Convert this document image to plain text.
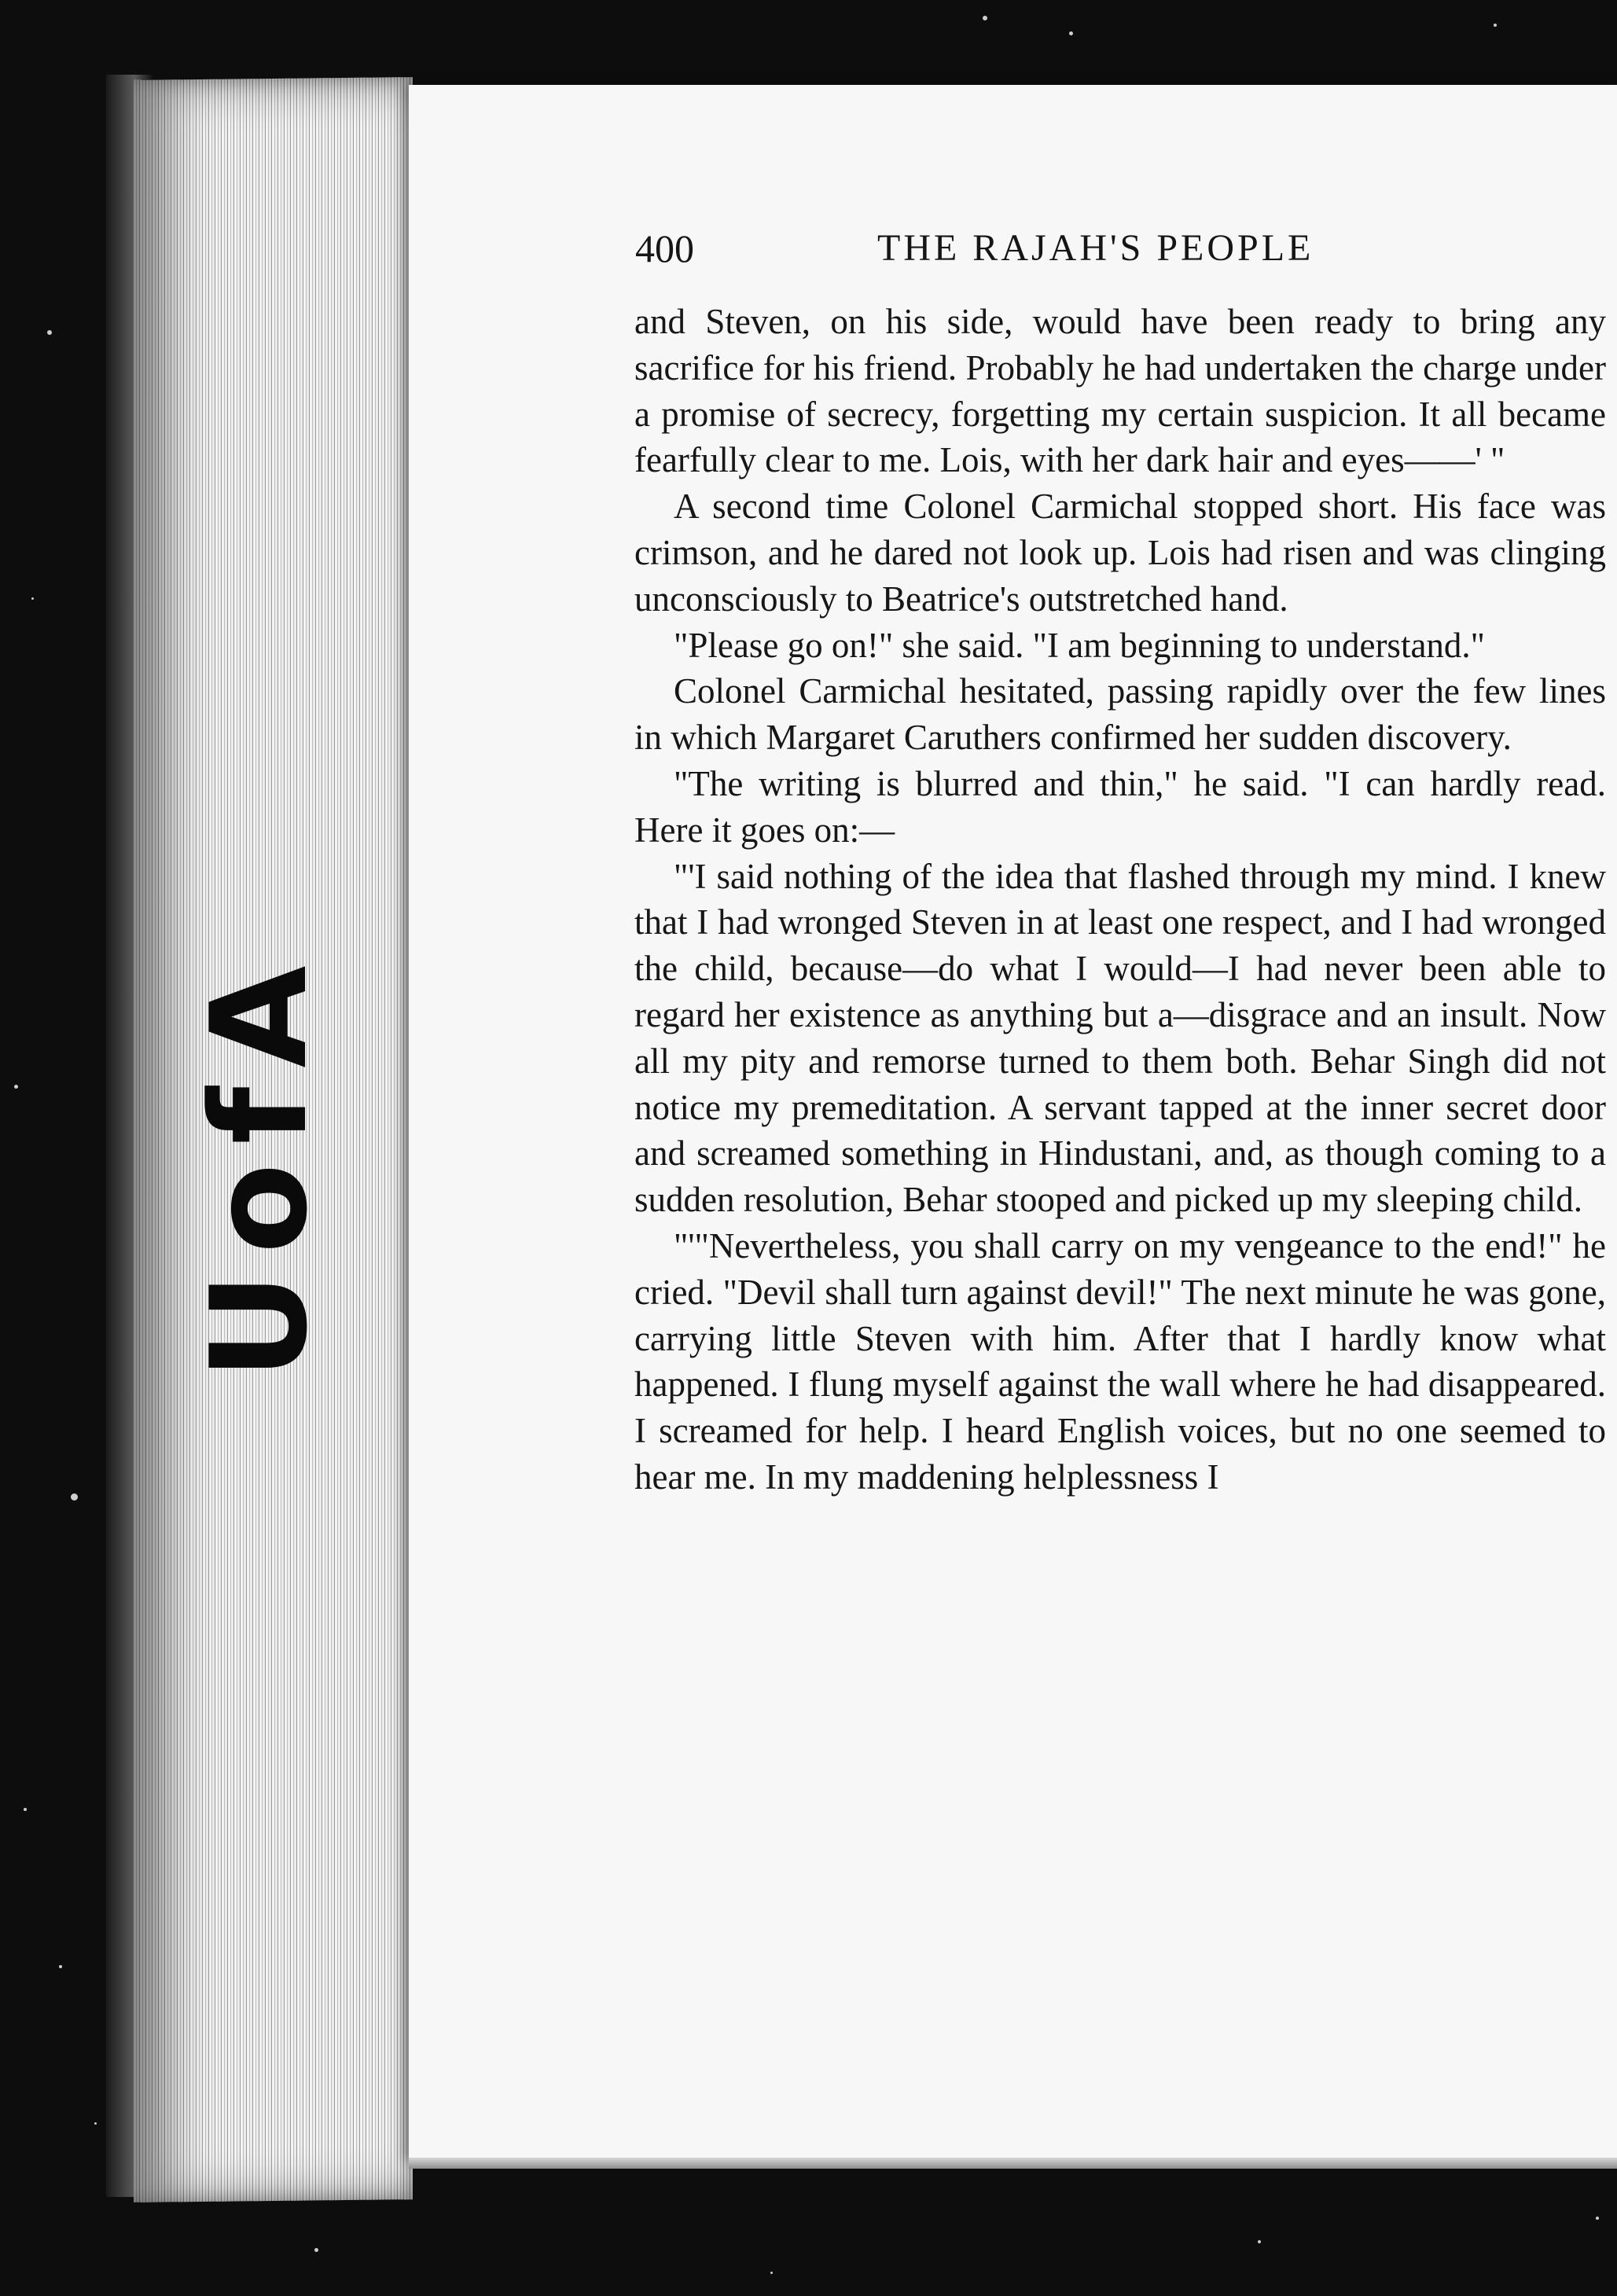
UofA
400	THE RAJAH'S PEOPLE

and Steven, on his side, would have been ready to bring any sacrifice for his friend. Probably he had undertaken the charge under a promise of secrecy, forgetting my certain suspicion. It all became fearfully clear to me. Lois, with her dark hair and eyes——' "

A second time Colonel Carmichal stopped short. His face was crimson, and he dared not look up. Lois had risen and was clinging unconsciously to Beatrice's outstretched hand.

"Please go on!" she said. "I am beginning to understand."

Colonel Carmichal hesitated, passing rapidly over the few lines in which Margaret Caruthers confirmed her sudden discovery.

"The writing is blurred and thin," he said. "I can hardly read. Here it goes on:—

"'I said nothing of the idea that flashed through my mind. I knew that I had wronged Steven in at least one respect, and I had wronged the child, because—do what I would—I had never been able to regard her existence as anything but a—disgrace and an insult. Now all my pity and remorse turned to them both. Behar Singh did not notice my premeditation. A servant tapped at the inner secret door and screamed something in Hindustani, and, as though coming to a sudden resolution, Behar stooped and picked up my sleeping child.

"'"Nevertheless, you shall carry on my vengeance to the end!" he cried. "Devil shall turn against devil!" The next minute he was gone, carrying little Steven with him. After that I hardly know what happened. I flung myself against the wall where he had disappeared. I screamed for help. I heard English voices, but no one seemed to hear me. In my maddening helplessness I
